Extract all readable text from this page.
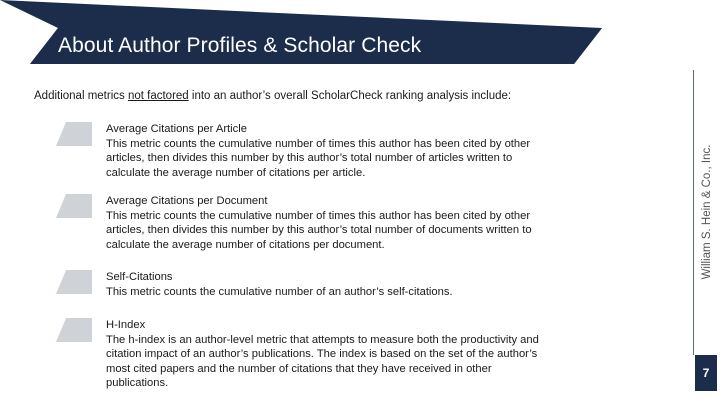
About Author Profiles & Scholar Check
Additional metrics not factored into an author’s overall ScholarCheck ranking analysis include:
Average Citations per Article
This metric counts the cumulative number of times this author has been cited by other articles, then divides this number by this author’s total number of articles written to calculate the average number of citations per article.
Average Citations per Document
This metric counts the cumulative number of times this author has been cited by other articles, then divides this number by this author’s total number of documents written to calculate the average number of citations per document.
Self-Citations
This metric counts the cumulative number of an author’s self-citations.
H-Index
The h-index is an author-level metric that attempts to measure both the productivity and citation impact of an author’s publications. The index is based on the set of the author’s most cited papers and the number of citations that they have received in other publications.
William S. Hein & Co., Inc.
7
